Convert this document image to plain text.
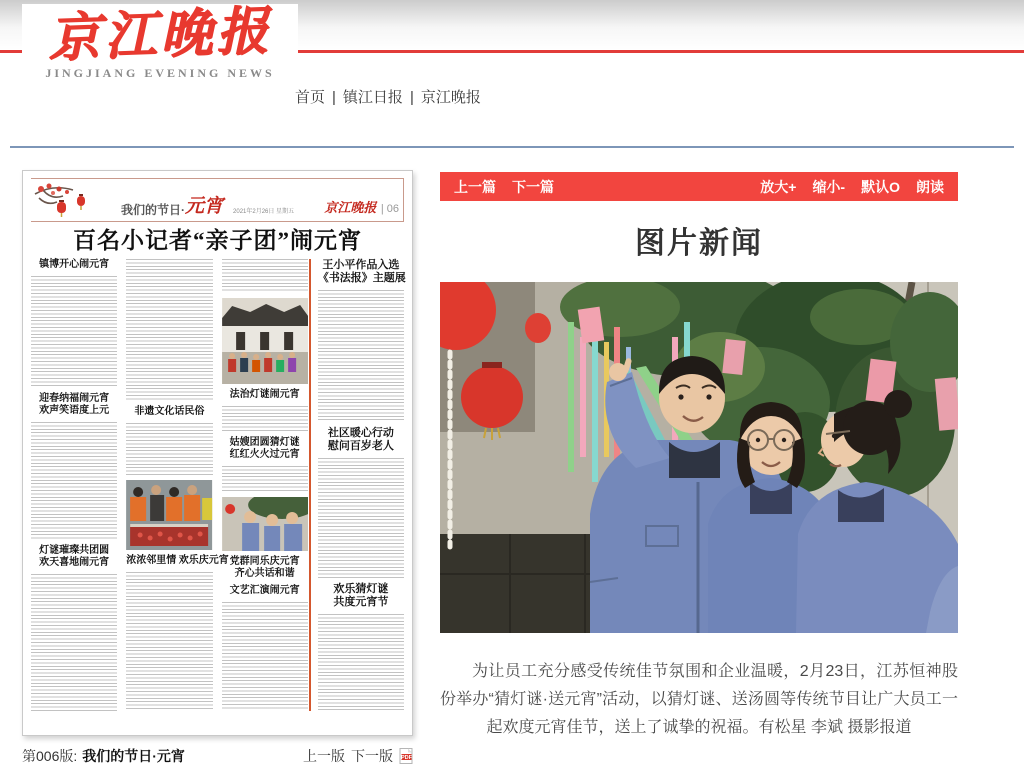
京江晚报
JINGJIANG EVENING NEWS
首页 | 镇江日报 | 京江晚报
我们的节日· 元宵 2021年2月26日 星期五 京江晚报 | 06
百名小记者“亲子团”闹元宵
镇博开心闹元宵
迎春纳福闹元宵
欢声笑语度上元
灯谜璀璨共团圆
欢天喜地闹元宵
非遗文化话民俗
浓浓邻里情 欢乐庆元宵
法治灯谜闹元宵
姑嫂团圆猜灯谜
红红火火过元宵
党群同乐庆元宵
齐心共话和谐
文艺汇演闹元宵
王小平作品入选
《书法报》主题展
社区暖心行动
慰问百岁老人
欢乐猜灯谜
共度元宵节
第006版: 我们的节日·元宵	上一版 下一版 PDF
上一篇 下一篇	放大+ 缩小- 默认O 朗读
图片新闻

为让员工充分感受传统佳节氛围和企业温暖，2月23日，江苏恒神股份举办“猜灯谜·送元宵”活动，以猜灯谜、送汤圆等传统节目让广大员工一起欢度元宵佳节，送上了诚挚的祝福。有松星 李斌 摄影报道
